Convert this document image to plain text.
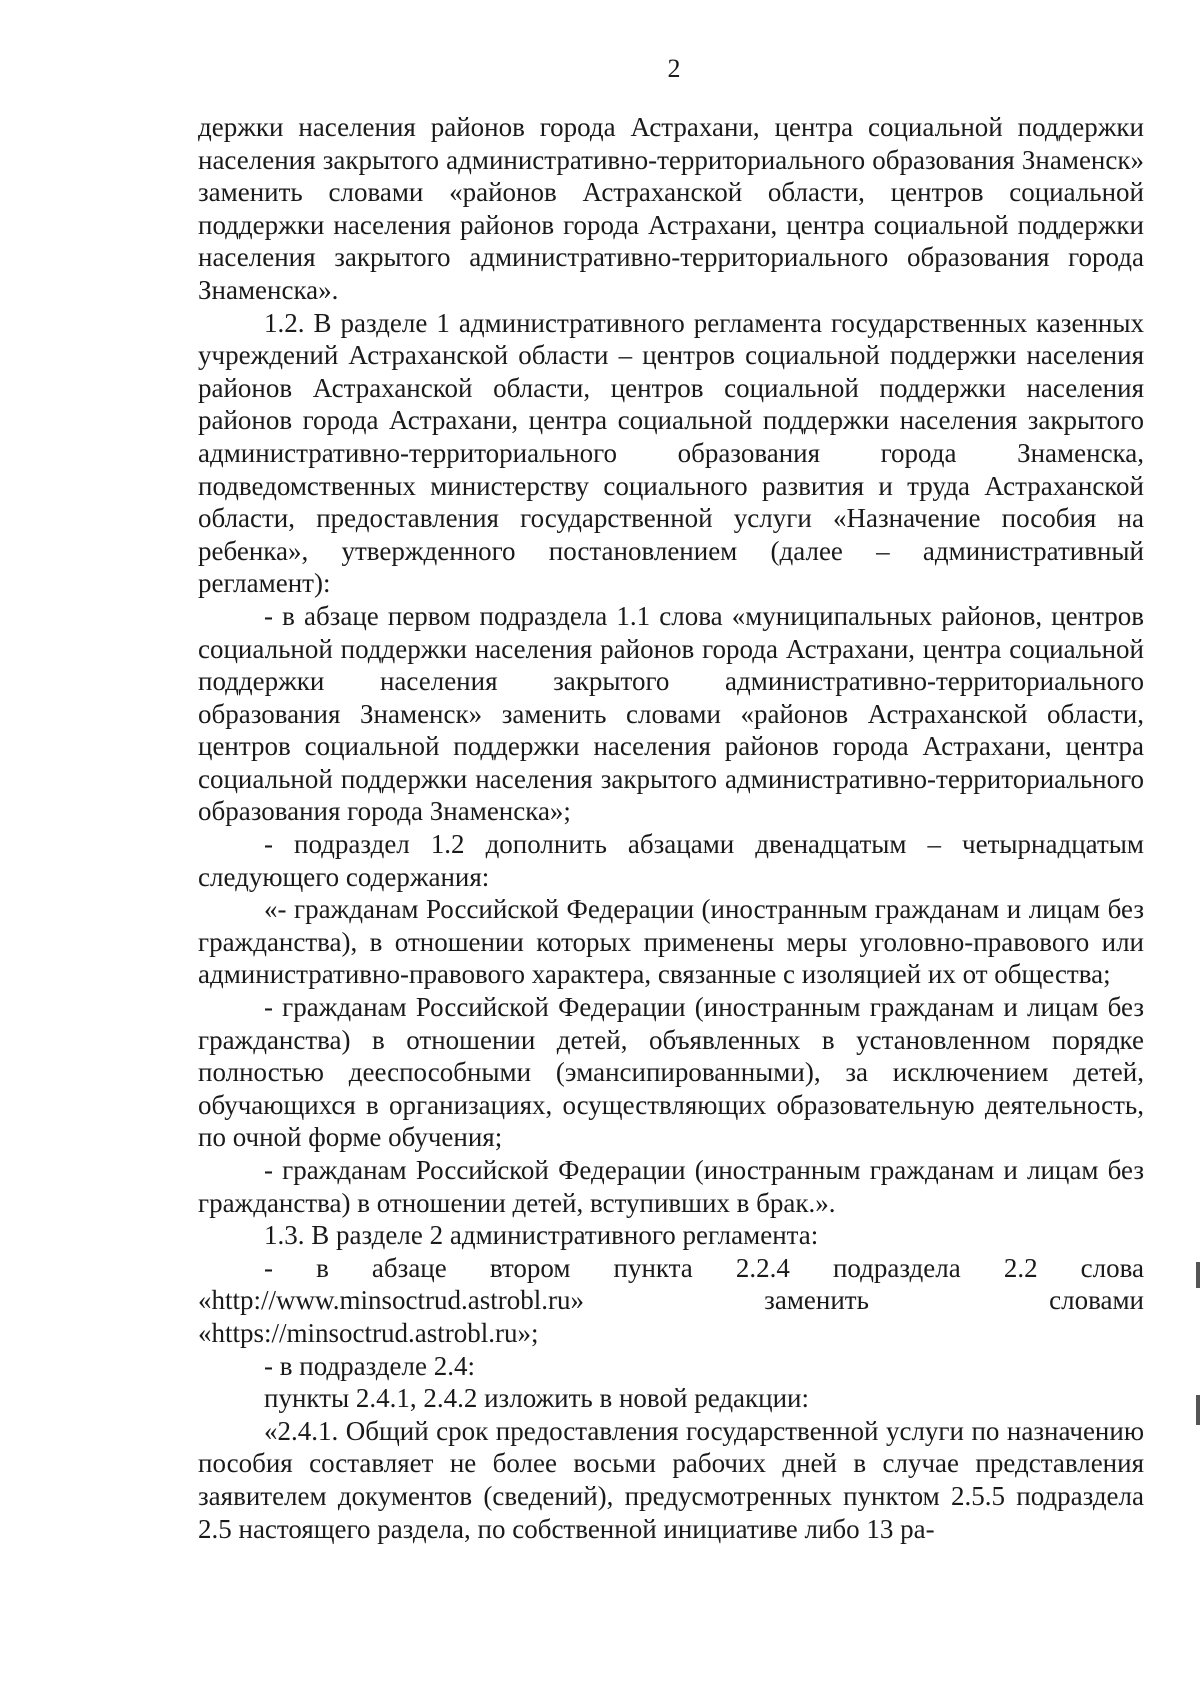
2

держки населения районов города Астрахани, центра социальной поддержки населения закрытого административно-территориального образования Знаменск» заменить словами «районов Астраханской области, центров социальной поддержки населения районов города Астрахани, центра социальной поддержки населения закрытого административно-территориального образования города Знаменска».

1.2. В разделе 1 административного регламента государственных казенных учреждений Астраханской области – центров социальной поддержки населения районов Астраханской области, центров социальной поддержки населения районов города Астрахани, центра социальной поддержки населения закрытого административно-территориального образования города Знаменска, подведомственных министерству социального развития и труда Астраханской области, предоставления государственной услуги «Назначение пособия на ребенка», утвержденного постановлением (далее – административный регламент):

- в абзаце первом подраздела 1.1 слова «муниципальных районов, центров социальной поддержки населения районов города Астрахани, центра социальной поддержки населения закрытого административно-территориального образования Знаменск» заменить словами «районов Астраханской области, центров социальной поддержки населения районов города Астрахани, центра социальной поддержки населения закрытого административно-территориального образования города Знаменска»;

- подраздел 1.2 дополнить абзацами двенадцатым – четырнадцатым следующего содержания:

«- гражданам Российской Федерации (иностранным гражданам и лицам без гражданства), в отношении которых применены меры уголовно-правового или административно-правового характера, связанные с изоляцией их от общества;

- гражданам Российской Федерации (иностранным гражданам и лицам без гражданства) в отношении детей, объявленных в установленном порядке полностью дееспособными (эмансипированными), за исключением детей, обучающихся в организациях, осуществляющих образовательную деятельность, по очной форме обучения;

- гражданам Российской Федерации (иностранным гражданам и лицам без гражданства) в отношении детей, вступивших в брак.».

1.3. В разделе 2 административного регламента:

- в абзаце втором пункта 2.2.4 подраздела 2.2 слова «http://www.minsoctrud.astrobl.ru» заменить словами «https://minsoctrud.astrobl.ru»;

- в подразделе 2.4:

пункты 2.4.1, 2.4.2 изложить в новой редакции:

«2.4.1. Общий срок предоставления государственной услуги по назначению пособия составляет не более восьми рабочих дней в случае представления заявителем документов (сведений), предусмотренных пунктом 2.5.5 подраздела 2.5 настоящего раздела, по собственной инициативе либо 13 ра-
